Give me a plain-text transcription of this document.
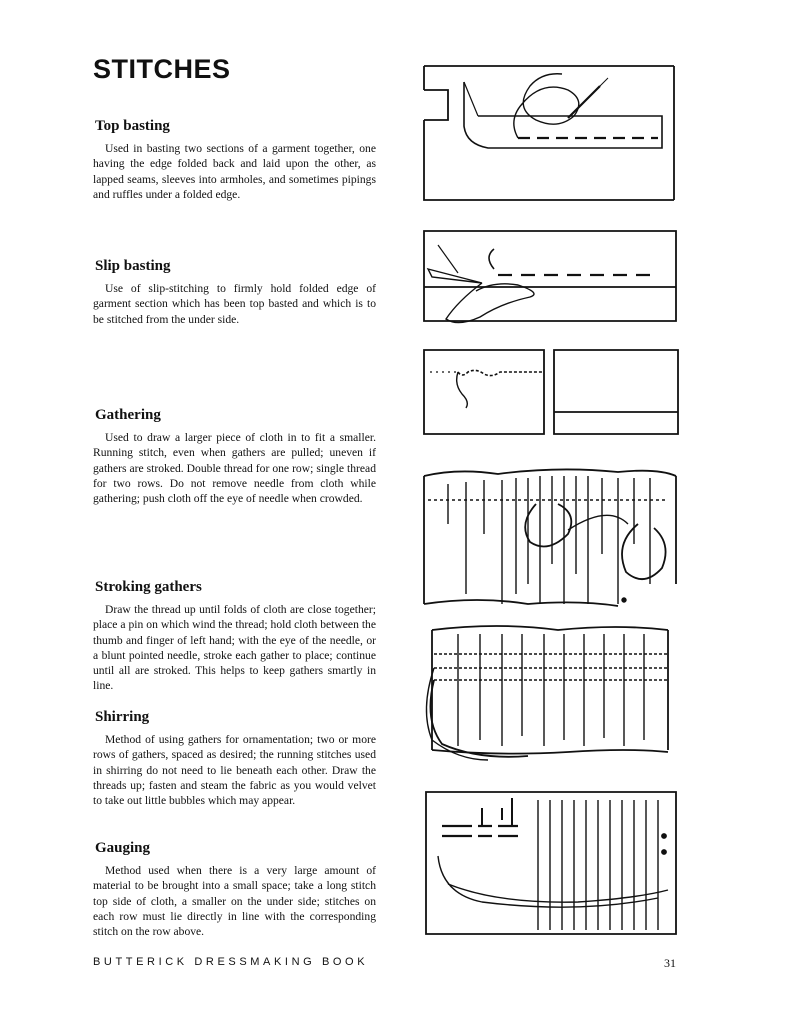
STITCHES
Top basting

Used in basting two sections of a garment together, one having the edge folded back and laid upon the other, as lapped seams, sleeves into armholes, and sometimes pipings and ruffles under a folded edge.

Slip basting

Use of slip-stitching to firmly hold folded edge of garment section which has been top basted and which is to be stitched from the under side.

Gathering

Used to draw a larger piece of cloth in to fit a smaller. Running stitch, even when gathers are pulled; uneven if gathers are stroked. Double thread for one row; single thread for two rows. Do not remove needle from cloth while gathering; push cloth off the eye of needle when crowded.

Stroking gathers

Draw the thread up until folds of cloth are close together; place a pin on which wind the thread; hold cloth between the thumb and finger of left hand; with the eye of the needle, or a blunt pointed needle, stroke each gather to place; continue until all are stroked. This helps to keep gathers smartly in line.

Shirring

Method of using gathers for ornamentation; two or more rows of gathers, spaced as desired; the running stitches used in shirring do not need to lie beneath each other. Draw the threads up; fasten and steam the fabric as you would velvet to take out little bubbles which may appear.

Gauging

Method used when there is a very large amount of material to be brought into a small space; take a long stitch top side of cloth, a smaller on the under side; stitches on each row must lie directly in line with the corresponding stitch on the row above.

BUTTERICK DRESSMAKING BOOK	31
